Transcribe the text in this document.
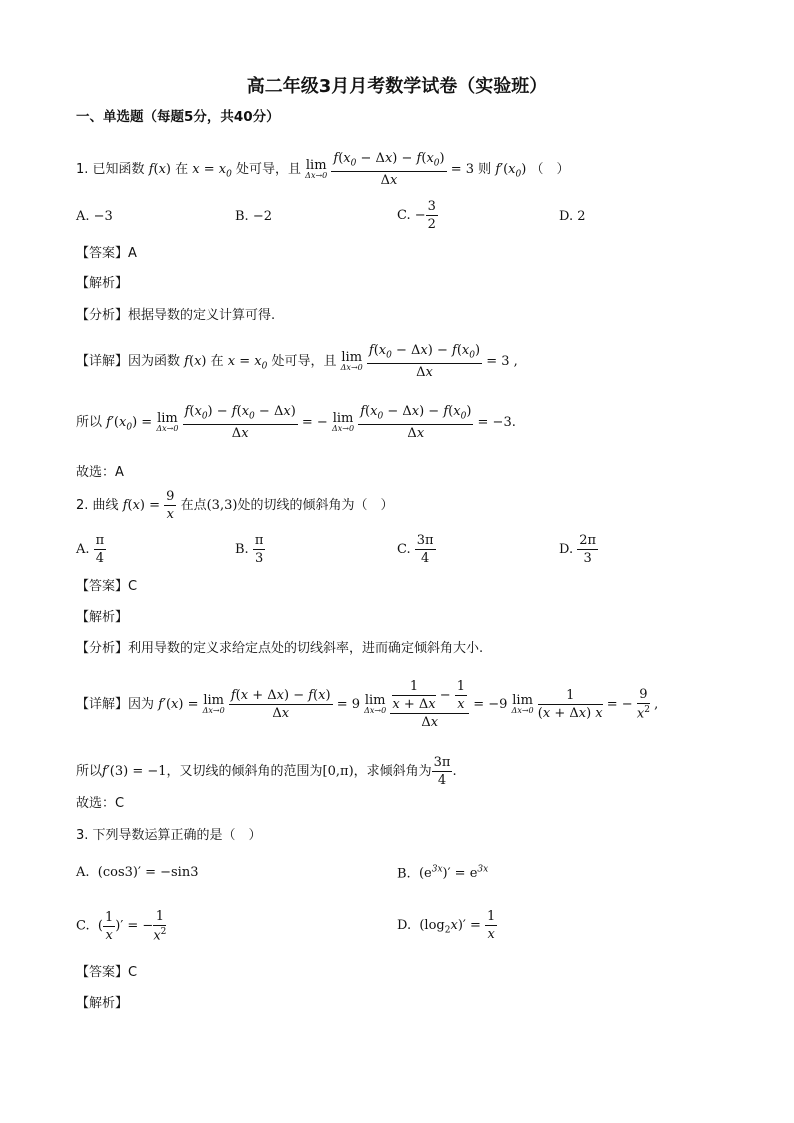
高二年级3月月考数学试卷（实验班）
一、单选题（每题5分，共40分）
1. 已知函数 f(x) 在 $x = x_0$ 处可导，且 lim
Δx→0
$\frac{f(x_0 - \Delta x) - f(x_0)}{\Delta x} = 3$ 则 $f'(x_0)$ （　）
A. −3	B. −2	C. − $\frac{3}{2}$	D. 2
【答案】A
【解析】
【分析】根据导数的定义计算可得.
【详解】因为函数 f(x) 在 $x = x_0$ 处可导，且 lim
Δx→0
$\frac{f(x_0 - \Delta x) - f(x_0)}{\Delta x} = 3$ ,
所以 $f'(x_0) = \lim$
Δx→0
$\frac{f(x_0) - f(x_0 - \Delta x)}{\Delta x}$ = − lim
Δx→0
$\frac{f(x_0 - \Delta x) - f(x_0)}{\Delta x} = -3$.
故选：A
2. 曲线 $f(x) = \frac{9}{x}$ 在点(3,3)处的切线的倾斜角为（　）
A. $\frac{\pi}{4}$	B. $\frac{\pi}{3}$	C. $\frac{3\pi}{4}$	D. $\frac{2\pi}{3}$
【答案】C
【解析】
【分析】利用导数的定义求给定点处的切线斜率，进而确定倾斜角大小.
【详解】因为 f′(x) = lim
Δx→0
$\frac{f(x + \Delta x) - f(x)}{\Delta x} = 9$ lim
Δx→0
$\frac{\frac{1}{x + \Delta x} - \frac{1}{x}}{\Delta x} = -9$ lim
Δx→0
$\frac{1}{(x + \Delta x) x}$ = − $\frac{9}{x^2}$ ,
所以f′(3) = −1，又切线的倾斜角的范围为[0,π)，求倾斜角为 $\frac{3\pi}{4}$ .
故选：C
3. 下列导数运算正确的是（　）
A. (cos3)′ = −sin3	B. $(e^{3x})' = e^{3x}$
C. ( $\frac{1}{x}$ )′ = − $\frac{1}{x^2}$	D. $(\log_2x)' = \frac{1}{x}$
【答案】C
【解析】
